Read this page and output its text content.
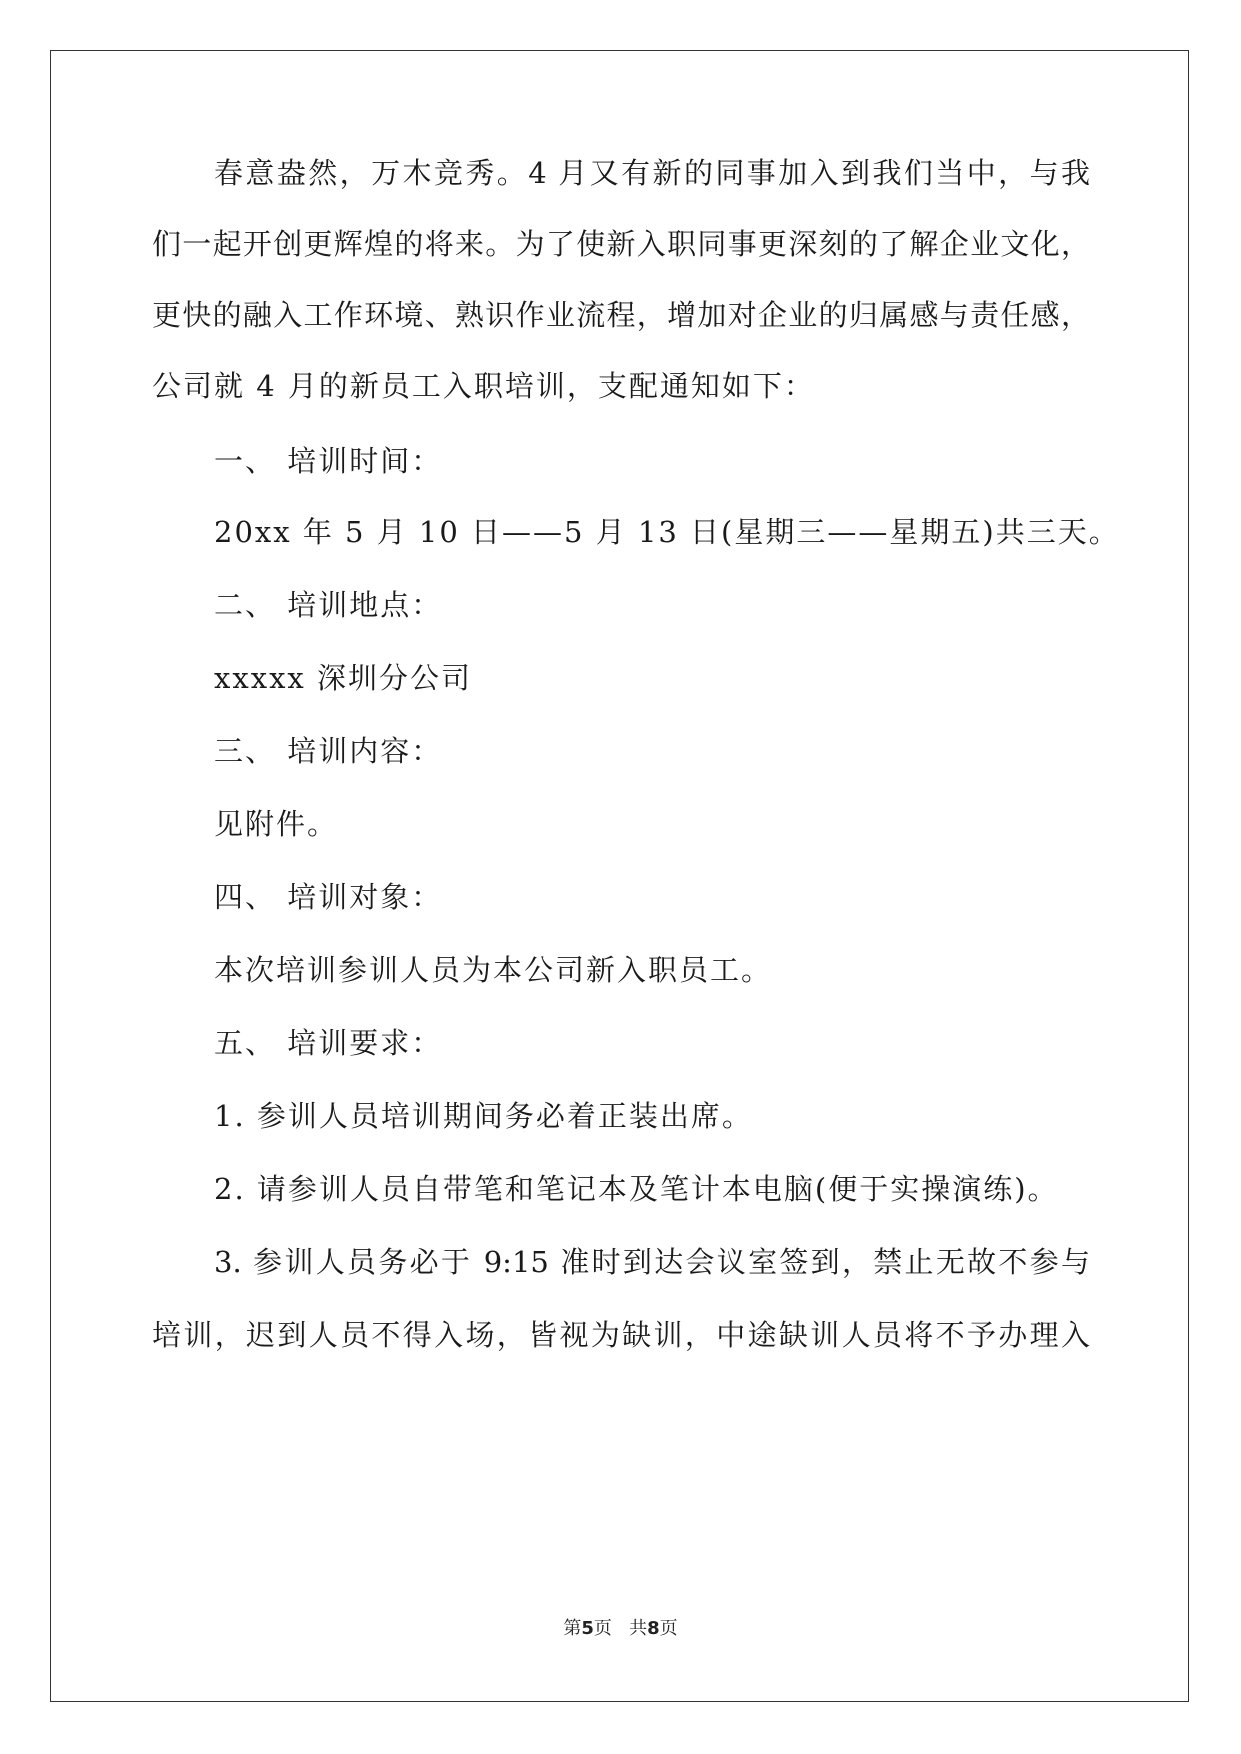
春意盎然，万木竞秀。4 月又有新的同事加入到我们当中，与我
们一起开创更辉煌的将来。为了使新入职同事更深刻的了解企业文化，
更快的融入工作环境、熟识作业流程，增加对企业的归属感与责任感，
公司就 4 月的新员工入职培训，支配通知如下：
一、 培训时间：
20xx 年 5 月 10 日——5 月 13 日(星期三——星期五)共三天。
二、 培训地点：
xxxxx 深圳分公司
三、 培训内容：
见附件。
四、 培训对象：
本次培训参训人员为本公司新入职员工。
五、 培训要求：
1. 参训人员培训期间务必着正装出席。
2. 请参训人员自带笔和笔记本及笔计本电脑(便于实操演练)。
3. 参训人员务必于 9:15 准时到达会议室签到，禁止无故不参与
培训，迟到人员不得入场，皆视为缺训，中途缺训人员将不予办理入
第5页 共8页
